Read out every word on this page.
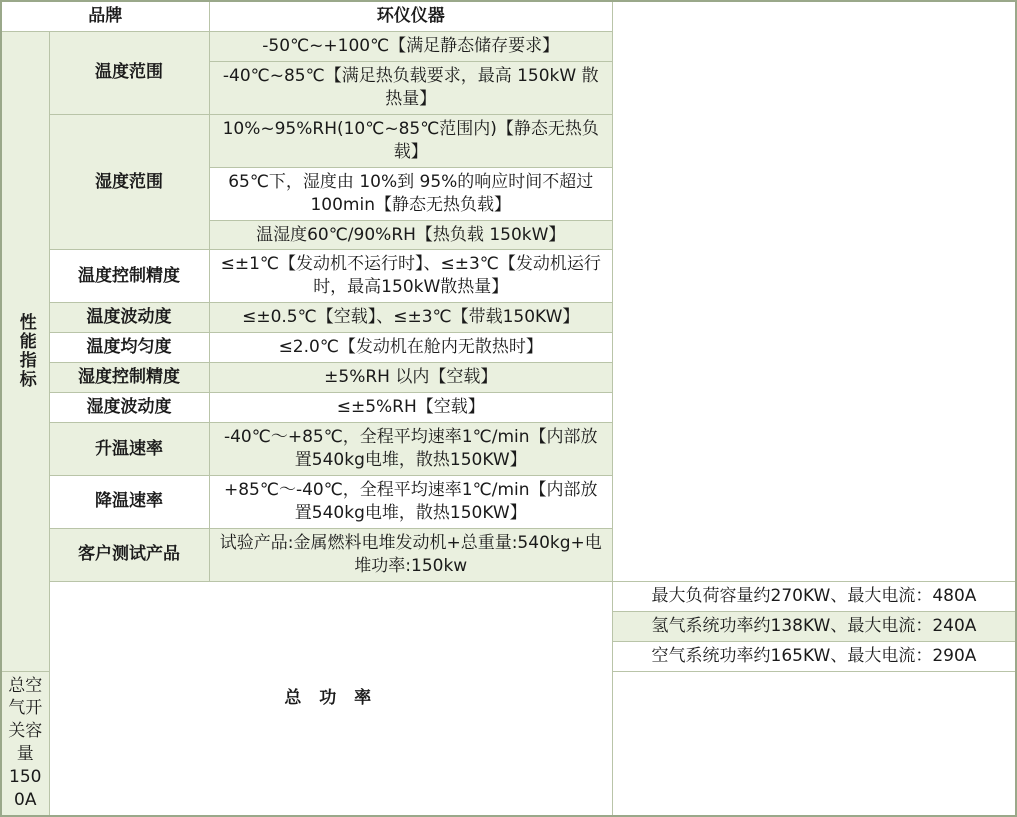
品牌		环仪仪器	
性能指标	温度范围	-50℃~+100℃【满足静态储存要求】	
		-40℃~85℃【满足热负载要求，最高 150kW 散热量】	
	湿度范围	10%~95%RH(10℃~85℃范围内)【静态无热负载】	
		65℃下，湿度由 10%到 95%的响应时间不超过100min【静态无热负载】	
		温湿度60℃/90%RH【热负载 150kW】	
	温度控制精度	≤±1℃【发动机不运行时】、≤±3℃【发动机运行时，最高150kW散热量】	
	温度波动度	≤±0.5℃【空载】、≤±3℃【带载150KW】	
	温度均匀度	≤2.0℃【发动机在舱内无散热时】	
	湿度控制精度	±5%RH 以内【空载】	
	湿度波动度	≤±5%RH【空载】	
	升温速率	-40℃～+85℃，全程平均速率1℃/min【内部放置540kg电堆，散热150KW】	
	降温速率	+85℃～-40℃，全程平均速率1℃/min【内部放置540kg电堆，散热150KW】	
	客户测试产品	试验产品:金属燃料电堆发动机+总重量:540kg+电堆功率:150kw	
	总 功 率		最大负荷容量约270KW、最大电流：480A
			氢气系统功率约138KW、最大电流：240A
			空气系统功率约165KW、最大电流：290A
总空气开关容量1500A			
